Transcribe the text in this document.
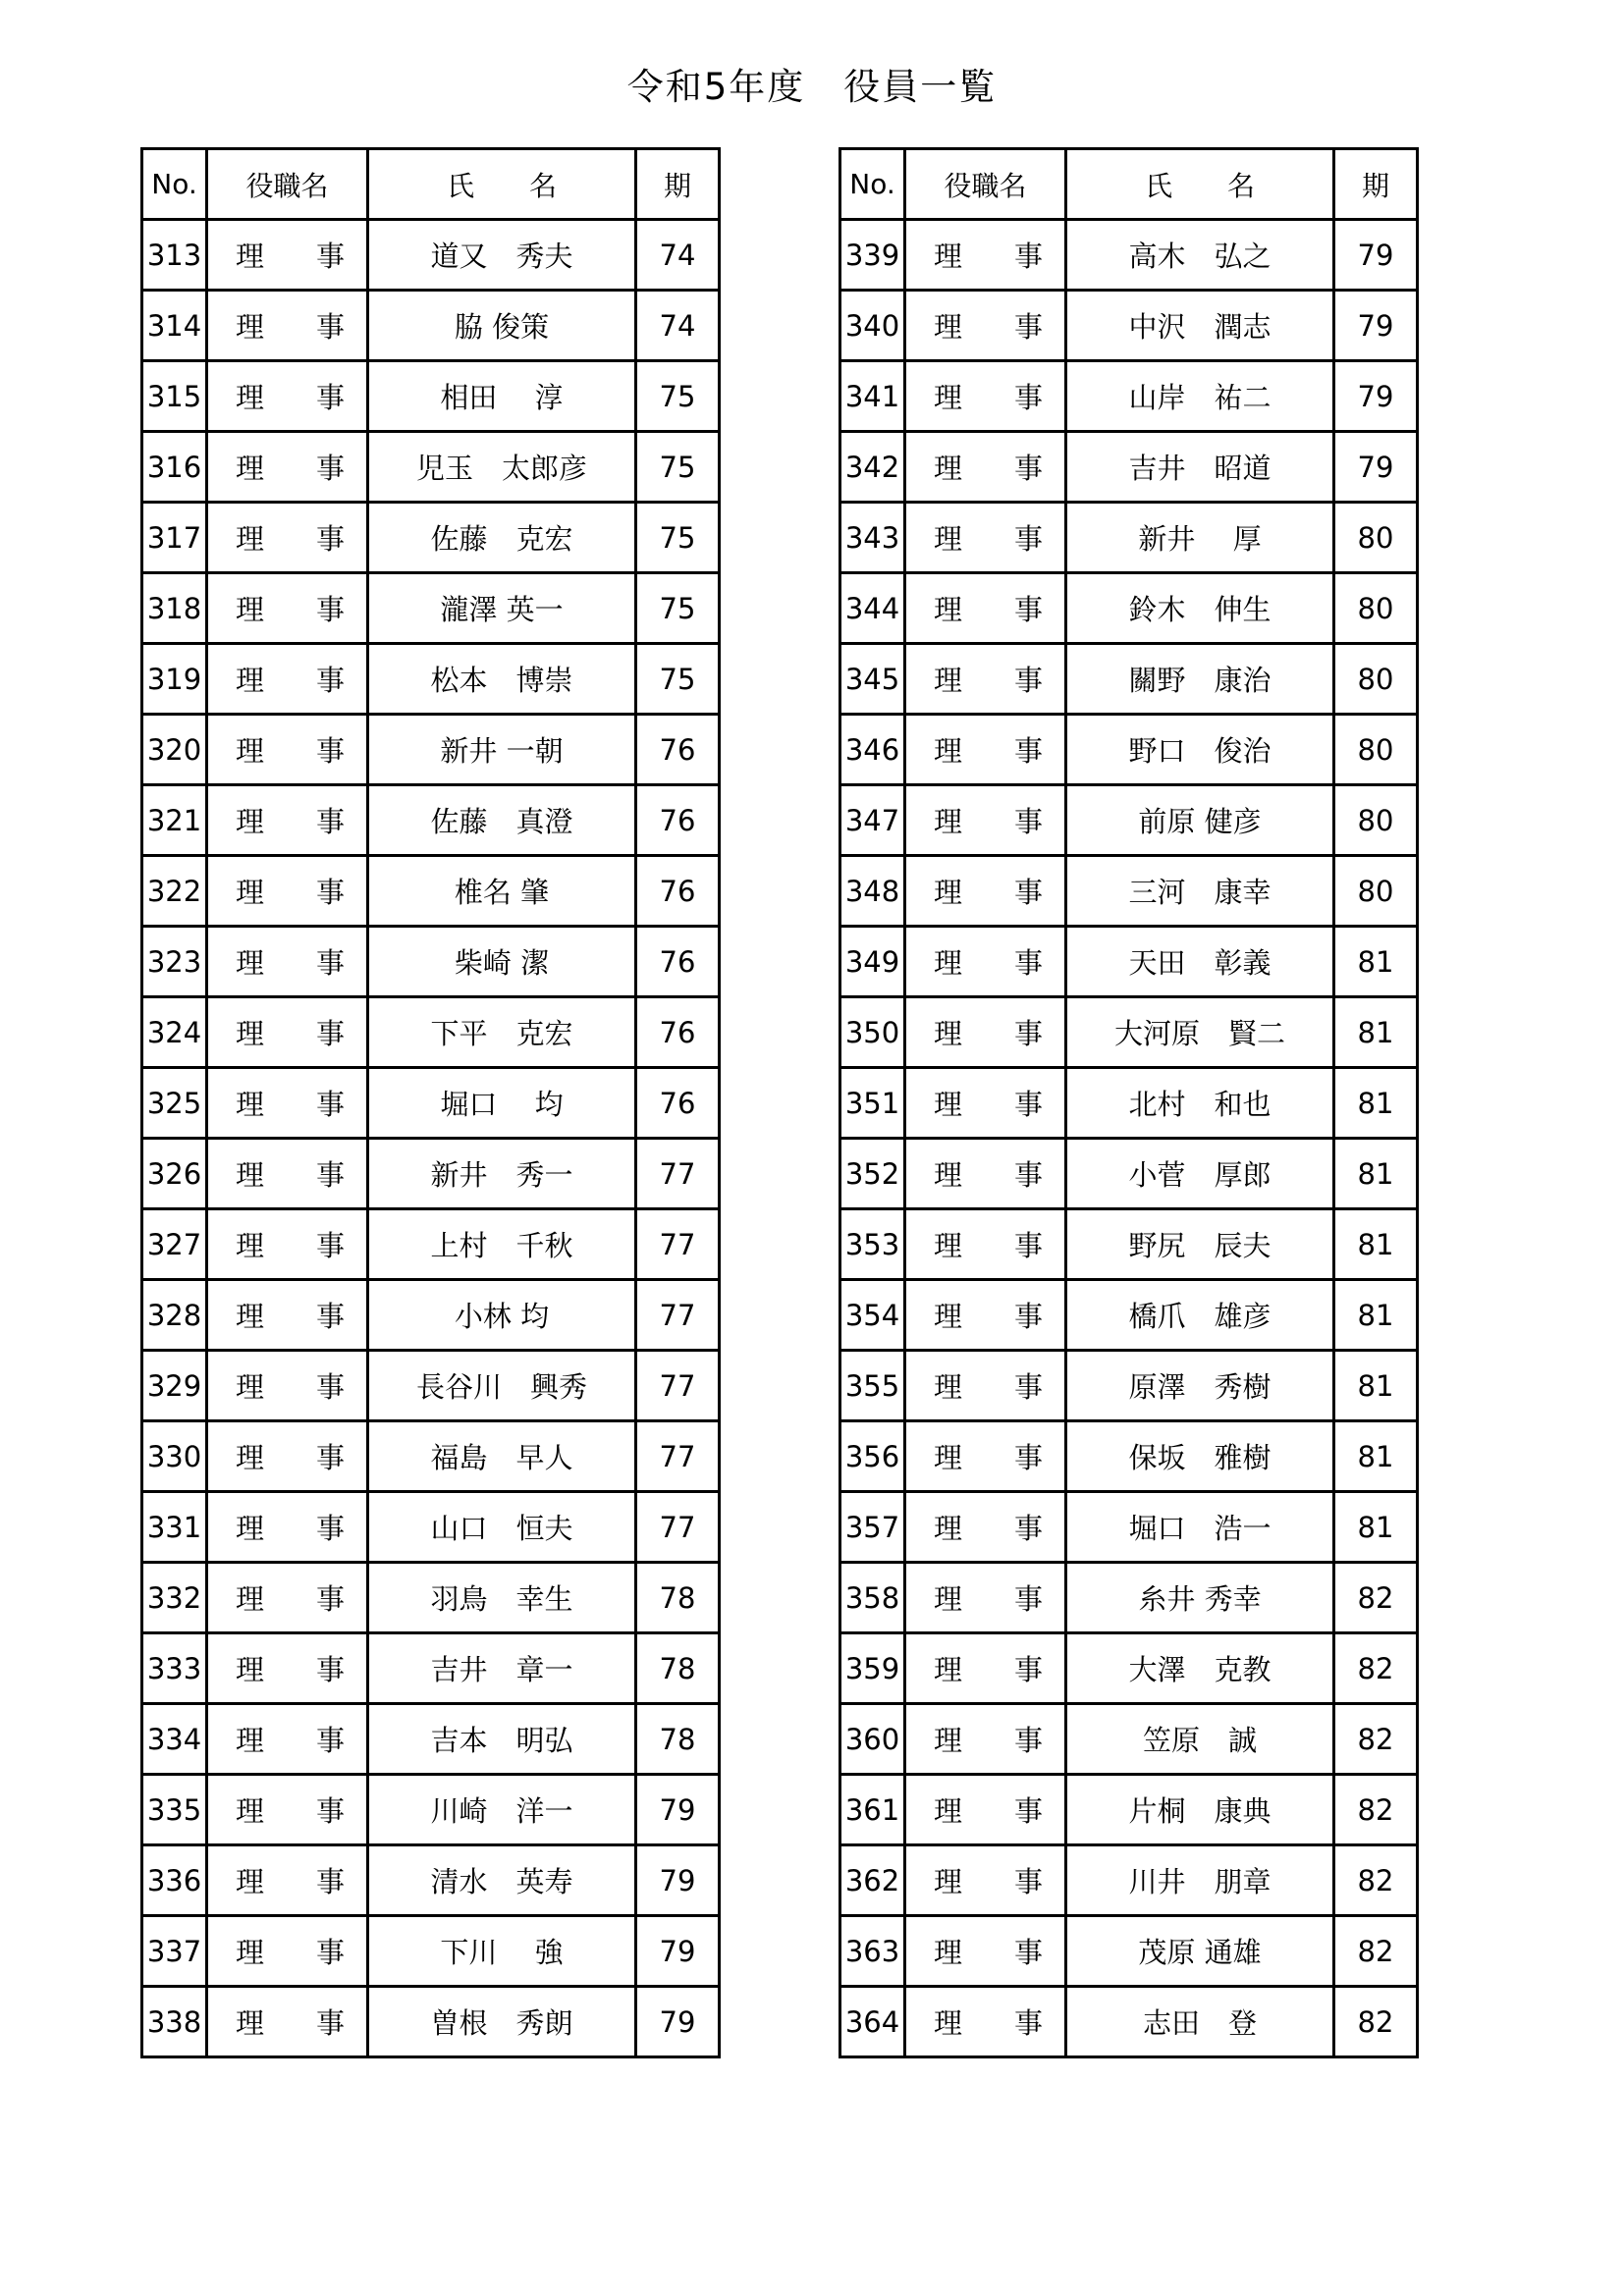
令和5年度　役員一覧
No.	役職名	氏　　名	期
313	理 事	道又　秀夫	74
314	理 事	脇 俊策	74
315	理 事	相田　 淳	75
316	理 事	児玉　太郎彦	75
317	理 事	佐藤　克宏	75
318	理 事	瀧澤 英一	75
319	理 事	松本　博崇	75
320	理 事	新井 一朝	76
321	理 事	佐藤　真澄	76
322	理 事	椎名 肇	76
323	理 事	柴崎 潔	76
324	理 事	下平　克宏	76
325	理 事	堀口　 均	76
326	理 事	新井　秀一	77
327	理 事	上村　千秋	77
328	理 事	小林 均	77
329	理 事	長谷川　興秀	77
330	理 事	福島　早人	77
331	理 事	山口　恒夫	77
332	理 事	羽鳥　幸生	78
333	理 事	吉井　章一	78
334	理 事	吉本　明弘	78
335	理 事	川崎　洋一	79
336	理 事	清水　英寿	79
337	理 事	下川　 強	79
338	理 事	曽根　秀朗	79
No.	役職名	氏　　名	期
339	理 事	高木　弘之	79
340	理 事	中沢　潤志	79
341	理 事	山岸　祐二	79
342	理 事	吉井　昭道	79
343	理 事	新井　 厚	80
344	理 事	鈴木　伸生	80
345	理 事	關野　康治	80
346	理 事	野口　俊治	80
347	理 事	前原 健彦	80
348	理 事	三河　康幸	80
349	理 事	天田　彰義	81
350	理 事	大河原　賢二	81
351	理 事	北村　和也	81
352	理 事	小菅　厚郎	81
353	理 事	野尻　辰夫	81
354	理 事	橋爪　雄彦	81
355	理 事	原澤　秀樹	81
356	理 事	保坂　雅樹	81
357	理 事	堀口　浩一	81
358	理 事	糸井 秀幸	82
359	理 事	大澤　克教	82
360	理 事	笠原　誠	82
361	理 事	片桐　康典	82
362	理 事	川井　朋章	82
363	理 事	茂原 通雄	82
364	理 事	志田　登	82
